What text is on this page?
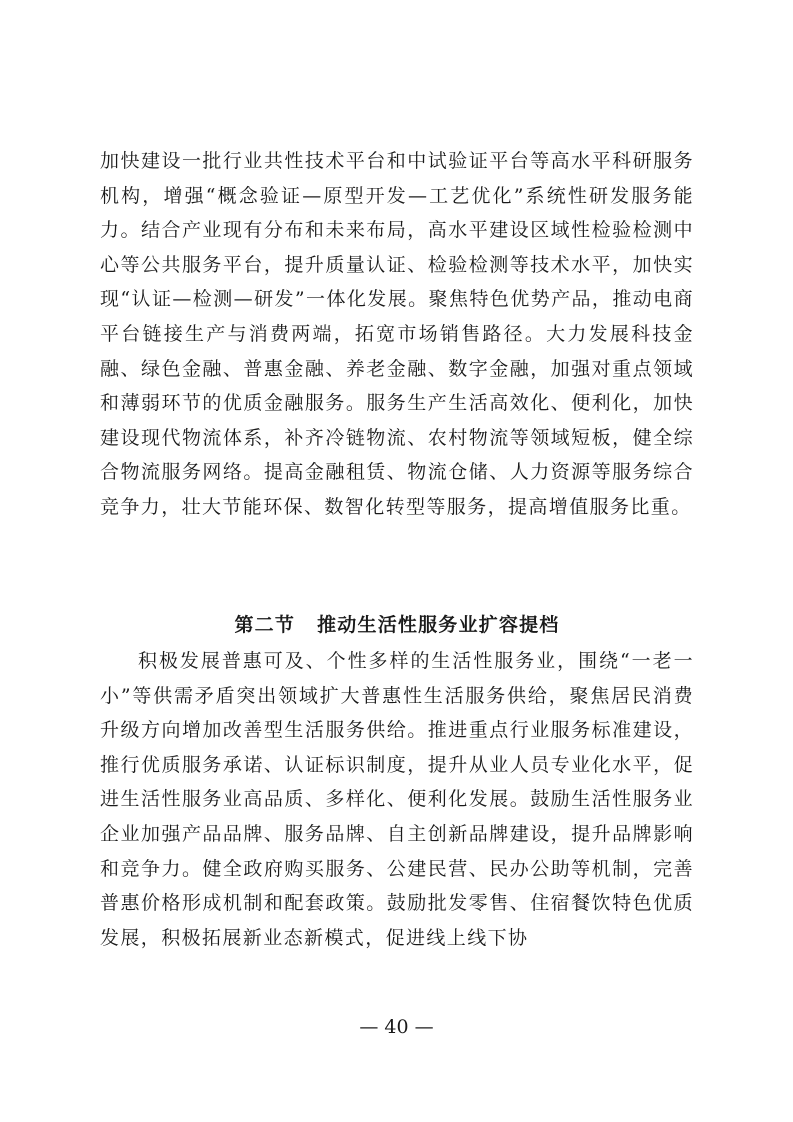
加快建设一批行业共性技术平台和中试验证平台等高水平科研服务机构，增强“概念验证—原型开发—工艺优化”系统性研发服务能力。结合产业现有分布和未来布局，高水平建设区域性检验检测中心等公共服务平台，提升质量认证、检验检测等技术水平，加快实现“认证—检测—研发”一体化发展。聚焦特色优势产品，推动电商平台链接生产与消费两端，拓宽市场销售路径。大力发展科技金融、绿色金融、普惠金融、养老金融、数字金融，加强对重点领域和薄弱环节的优质金融服务。服务生产生活高效化、便利化，加快建设现代物流体系，补齐冷链物流、农村物流等领域短板，健全综合物流服务网络。提高金融租赁、物流仓储、人力资源等服务综合竞争力，壮大节能环保、数智化转型等服务，提高增值服务比重。

第二节 推动生活性服务业扩容提档

积极发展普惠可及、个性多样的生活性服务业，围绕“一老一小”等供需矛盾突出领域扩大普惠性生活服务供给，聚焦居民消费升级方向增加改善型生活服务供给。推进重点行业服务标准建设，推行优质服务承诺、认证标识制度，提升从业人员专业化水平，促进生活性服务业高品质、多样化、便利化发展。鼓励生活性服务业企业加强产品品牌、服务品牌、自主创新品牌建设，提升品牌影响和竞争力。健全政府购买服务、公建民营、民办公助等机制，完善普惠价格形成机制和配套政策。鼓励批发零售、住宿餐饮特色优质发展，积极拓展新业态新模式，促进线上线下协

— 40 —
